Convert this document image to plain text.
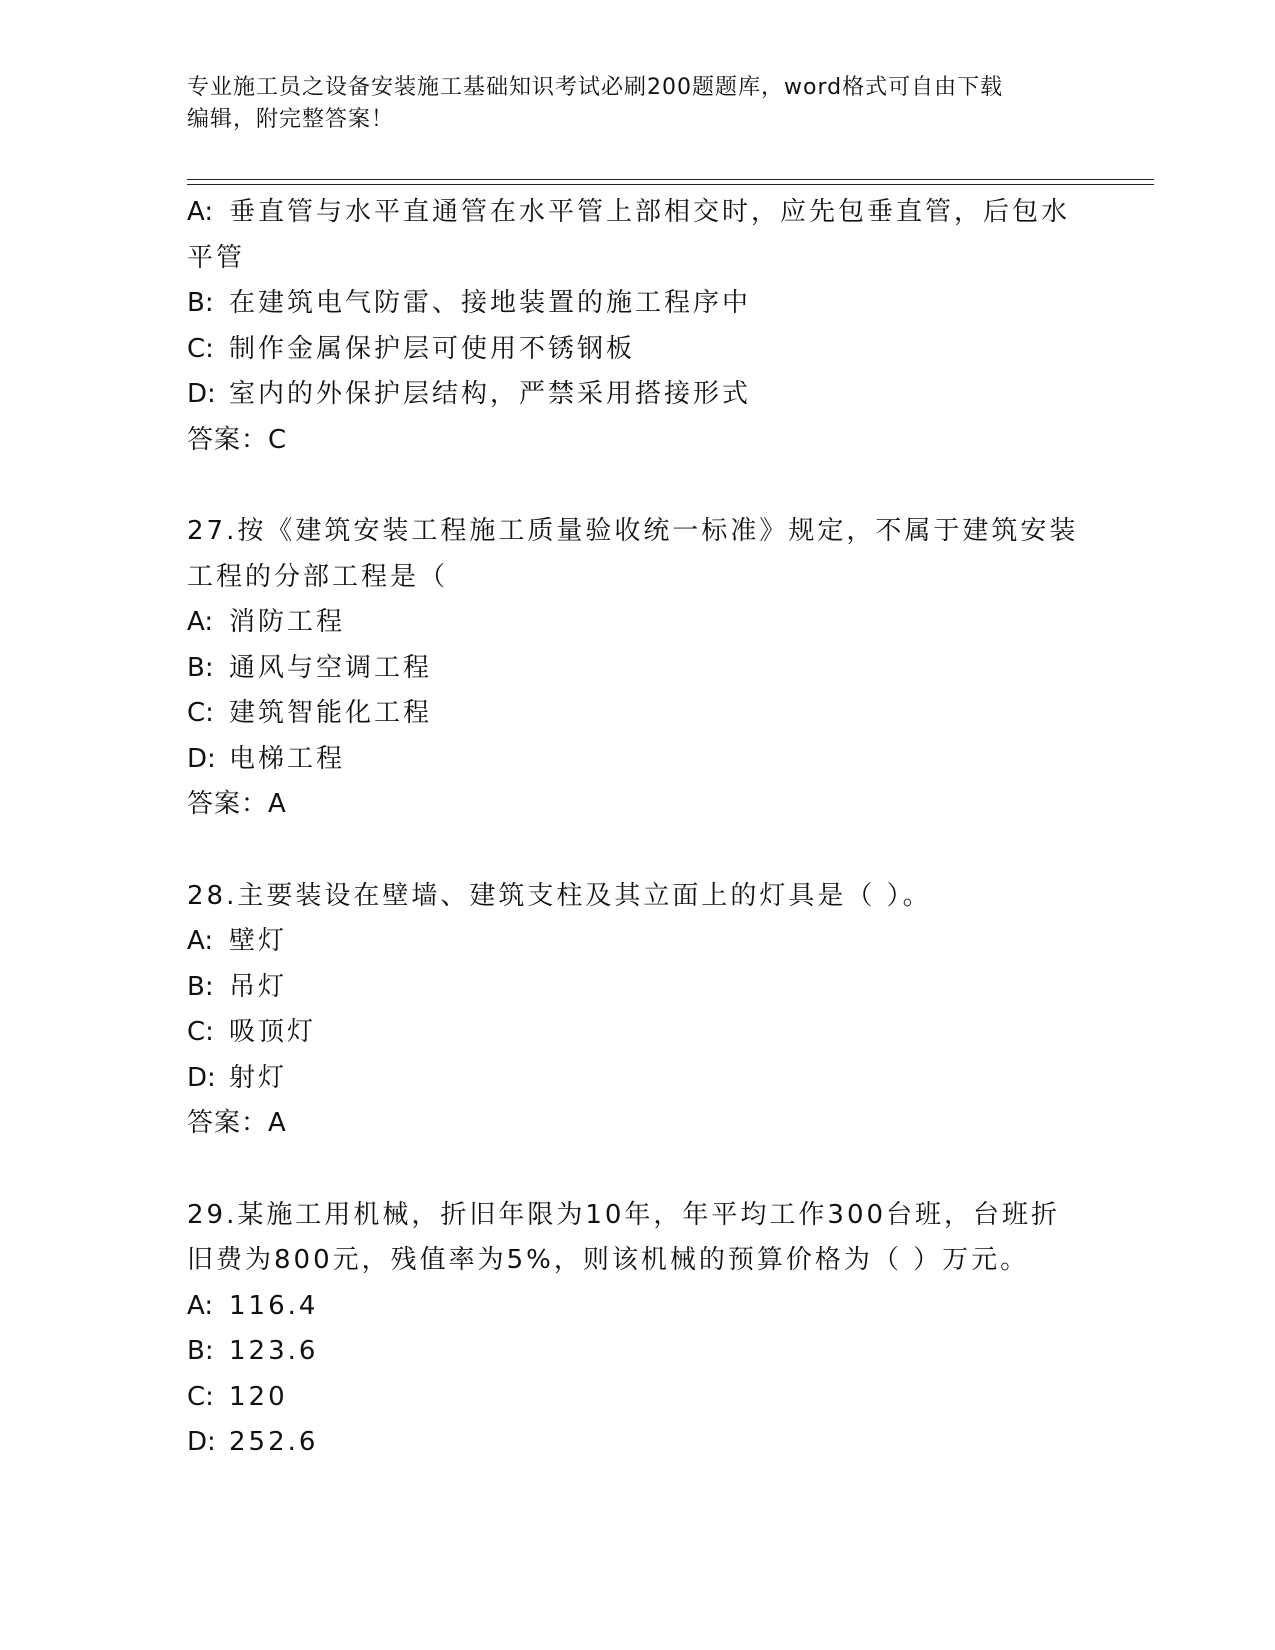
专业施工员之设备安装施工基础知识考试必刷200题题库，word格式可自由下载
编辑，附完整答案！
A: 垂直管与水平直通管在水平管上部相交时，应先包垂直管，后包水
平管
B: 在建筑电气防雷、接地装置的施工程序中
C: 制作金属保护层可使用不锈钢板
D: 室内的外保护层结构，严禁采用搭接形式
答案：C
27.按《建筑安装工程施工质量验收统一标准》规定，不属于建筑安装
工程的分部工程是（
A: 消防工程
B: 通风与空调工程
C: 建筑智能化工程
D: 电梯工程
答案：A
28.主要装设在壁墙、建筑支柱及其立面上的灯具是（ ）。
A: 壁灯
B: 吊灯
C: 吸顶灯
D: 射灯
答案：A
29.某施工用机械，折旧年限为10年，年平均工作300台班，台班折
旧费为800元，残值率为5%，则该机械的预算价格为（ ）万元。
A: 116.4
B: 123.6
C: 120
D: 252.6
